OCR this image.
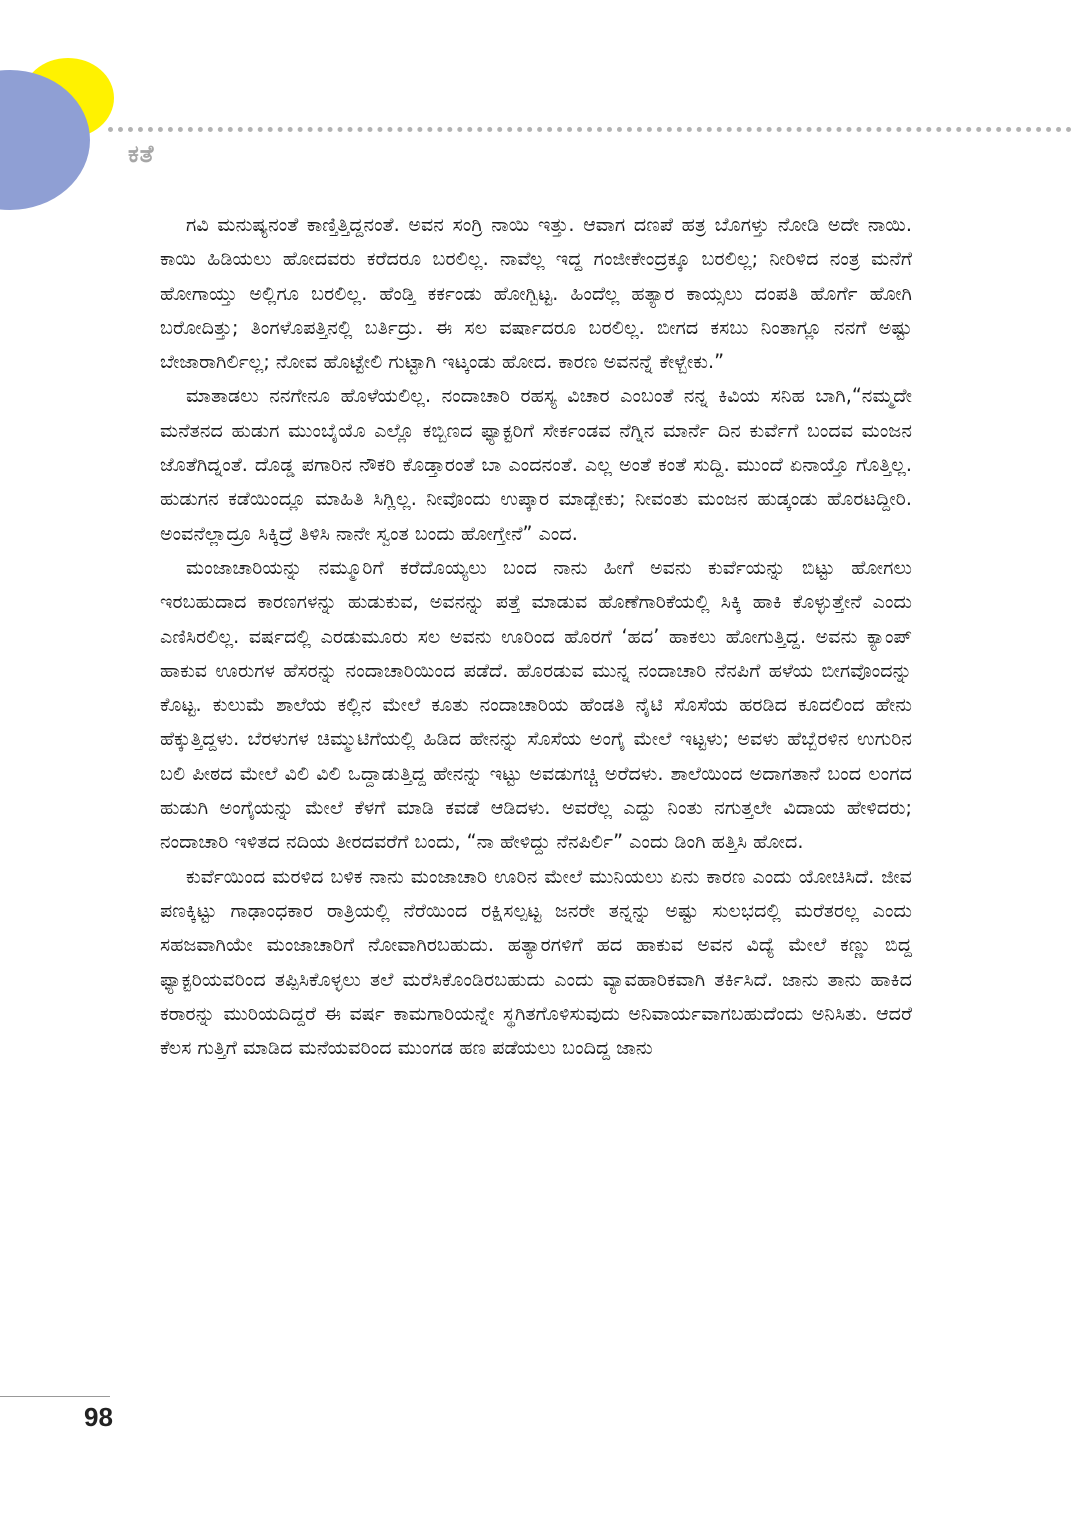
ಕತೆ

ಗವಿ ಮನುಷ್ಯನಂತೆ ಕಾಣ್ತಿತ್ತಿದ್ದನಂತೆ. ಅವನ ಸಂಗ್ರಿ ನಾಯಿ ಇತ್ತು. ಆವಾಗ ದಣಪೆ ಹತ್ರ ಬೊಗಳ್ತು ನೋಡಿ ಅದೇ ನಾಯಿ. ಕಾಯಿ ಹಿಡಿಯಲು ಹೋದವರು ಕರೆದರೂ ಬರಲಿಲ್ಲ. ನಾವೆಲ್ಲ ಇದ್ದ ಗಂಜೀಕೇಂದ್ರಕ್ಕೂ ಬರಲಿಲ್ಲ; ನೀರಿಳಿದ ನಂತ್ರ ಮನೆಗೆ ಹೋಗಾಯ್ತು ಅಲ್ಲಿಗೂ ಬರಲಿಲ್ಲ. ಹೆಂಡ್ತಿ ಕರ್ಕಂಡು ಹೋಗ್ಬಿಟ್ಟ. ಹಿಂದೆಲ್ಲ ಹತ್ಯಾರ ಕಾಯ್ಸಲು ದಂಪತಿ ಹೊರ್ಗೆ ಹೋಗಿ ಬರೋದಿತ್ತು; ತಿಂಗಳೊಪತ್ತಿನಲ್ಲಿ ಬರ್ತಿದ್ರು. ಈ ಸಲ ವರ್ಷಾದರೂ ಬರಲಿಲ್ಲ. ಬೀಗದ ಕಸಬು ನಿಂತಾಗ್ಲೂ ನನಗೆ ಅಷ್ಟು ಬೇಜಾರಾಗಿರ್ಲಿಲ್ಲ; ನೋವ ಹೊಟ್ಟೇಲಿ ಗುಟ್ಟಾಗಿ ಇಟ್ಕಂಡು ಹೋದ. ಕಾರಣ ಅವನನ್ನೆ ಕೇಳ್ಬೇಕು.”

ಮಾತಾಡಲು ನನಗೇನೂ ಹೊಳೆಯಲಿಲ್ಲ. ನಂದಾಚಾರಿ ರಹಸ್ಯ ವಿಚಾರ ಎಂಬಂತೆ ನನ್ನ ಕಿವಿಯ ಸನಿಹ ಬಾಗಿ,“ನಮ್ಮದೇ ಮನೆತನದ ಹುಡುಗ ಮುಂಬೈಯೊ ಎಲ್ಲೊ ಕಬ್ಬಿಣದ ಫ್ಯಾಕ್ಟರಿಗೆ ಸೇರ್ಕಂಡವ ನೆಗ್ನಿನ ಮಾರ್ನೆ ದಿನ ಕುರ್ವೆಗೆ ಬಂದವ ಮಂಜನ ಜೊತೆಗಿದ್ನಂತೆ. ದೊಡ್ಡ ಪಗಾರಿನ ನೌಕರಿ ಕೊಡ್ತಾರಂತೆ ಬಾ ಎಂದನಂತೆ. ಎಲ್ಲ ಅಂತೆ ಕಂತೆ ಸುದ್ದಿ. ಮುಂದೆ ಏನಾಯ್ತೊ ಗೊತ್ತಿಲ್ಲ. ಹುಡುಗನ ಕಡೆಯಿಂದ್ಲೂ ಮಾಹಿತಿ ಸಿಗ್ಲಿಲ್ಲ. ನೀವೊಂದು ಉಪ್ಕಾರ ಮಾಡ್ಬೇಕು; ನೀವಂತು ಮಂಜನ ಹುಡ್ಕಂಡು ಹೊರಟದ್ದೀರಿ. ಅಂವನೆಲ್ಲಾದ್ರೂ ಸಿಕ್ಕಿದ್ರೆ ತಿಳಿಸಿ ನಾನೇ ಸ್ವಂತ ಬಂದು ಹೋಗ್ತೇನೆ” ಎಂದ.

ಮಂಜಾಚಾರಿಯನ್ನು ನಮ್ಮೂರಿಗೆ ಕರೆದೊಯ್ಯಲು ಬಂದ ನಾನು ಹೀಗೆ ಅವನು ಕುರ್ವೆಯನ್ನು ಬಿಟ್ಟು ಹೋಗಲು ಇರಬಹುದಾದ ಕಾರಣಗಳನ್ನು ಹುಡುಕುವ, ಅವನನ್ನು ಪತ್ತೆ ಮಾಡುವ ಹೊಣೆಗಾರಿಕೆಯಲ್ಲಿ ಸಿಕ್ಕಿ ಹಾಕಿ ಕೊಳ್ಳುತ್ತೇನೆ ಎಂದು ಎಣಿಸಿರಲಿಲ್ಲ. ವರ್ಷದಲ್ಲಿ ಎರಡುಮೂರು ಸಲ ಅವನು ಊರಿಂದ ಹೊರಗೆ ‘ಹದ’ ಹಾಕಲು ಹೋಗುತ್ತಿದ್ದ. ಅವನು ಕ್ಯಾಂಪ್ ಹಾಕುವ ಊರುಗಳ ಹೆಸರನ್ನು ನಂದಾಚಾರಿಯಿಂದ ಪಡೆದೆ. ಹೊರಡುವ ಮುನ್ನ ನಂದಾಚಾರಿ ನೆನಪಿಗೆ ಹಳೆಯ ಬೀಗವೊಂದನ್ನು ಕೊಟ್ಟ. ಕುಲುಮೆ ಶಾಲೆಯ ಕಲ್ಲಿನ ಮೇಲೆ ಕೂತು ನಂದಾಚಾರಿಯ ಹೆಂಡತಿ ನೈಟಿ ಸೊಸೆಯ ಹರಡಿದ ಕೂದಲಿಂದ ಹೇನು ಹೆಕ್ಕುತ್ತಿದ್ದಳು. ಬೆರಳುಗಳ ಚಿಮ್ಮುಟಿಗೆಯಲ್ಲಿ ಹಿಡಿದ ಹೇನನ್ನು ಸೊಸೆಯ ಅಂಗೈ ಮೇಲೆ ಇಟ್ಟಳು; ಅವಳು ಹೆಬ್ಬೆರಳಿನ ಉಗುರಿನ ಬಲಿ ಪೀಠದ ಮೇಲೆ ವಿಲಿ ವಿಲಿ ಒದ್ದಾಡುತ್ತಿದ್ದ ಹೇನನ್ನು ಇಟ್ಟು ಅವಡುಗಚ್ಚಿ ಅರೆದಳು. ಶಾಲೆಯಿಂದ ಅದಾಗತಾನೆ ಬಂದ ಲಂಗದ ಹುಡುಗಿ ಅಂಗೈಯನ್ನು ಮೇಲೆ ಕೆಳಗೆ ಮಾಡಿ ಕವಡೆ ಆಡಿದಳು. ಅವರೆಲ್ಲ ಎದ್ದು ನಿಂತು ನಗುತ್ತಲೇ ವಿದಾಯ ಹೇಳಿದರು; ನಂದಾಚಾರಿ ಇಳಿತದ ನದಿಯ ತೀರದವರೆಗೆ ಬಂದು, “ನಾ ಹೇಳಿದ್ದು ನೆನಪಿರ್ಲಿ” ಎಂದು ಡಿಂಗಿ ಹತ್ತಿಸಿ ಹೋದ.

ಕುರ್ವೆಯಿಂದ ಮರಳಿದ ಬಳಿಕ ನಾನು ಮಂಜಾಚಾರಿ ಊರಿನ ಮೇಲೆ ಮುನಿಯಲು ಏನು ಕಾರಣ ಎಂದು ಯೋಚಿಸಿದೆ. ಜೀವ ಪಣಕ್ಕಿಟ್ಟು ಗಾಢಾಂಧಕಾರ ರಾತ್ರಿಯಲ್ಲಿ ನೆರೆಯಿಂದ ರಕ್ಷಿಸಲ್ಪಟ್ಟ ಜನರೇ ತನ್ನನ್ನು ಅಷ್ಟು ಸುಲಭದಲ್ಲಿ ಮರೆತರಲ್ಲ ಎಂದು ಸಹಜವಾಗಿಯೇ ಮಂಜಾಚಾರಿಗೆ ನೋವಾಗಿರಬಹುದು. ಹತ್ಯಾರಗಳಿಗೆ ಹದ ಹಾಕುವ ಅವನ ವಿದ್ಯೆ ಮೇಲೆ ಕಣ್ಣು ಬಿದ್ದ ಫ್ಯಾಕ್ಟರಿಯವರಿಂದ ತಪ್ಪಿಸಿಕೊಳ್ಳಲು ತಲೆ ಮರೆಸಿಕೊಂಡಿರಬಹುದು ಎಂದು ವ್ಯಾವಹಾರಿಕವಾಗಿ ತರ್ಕಿಸಿದೆ. ಜಾನು ತಾನು ಹಾಕಿದ ಕರಾರನ್ನು ಮುರಿಯದಿದ್ದರೆ ಈ ವರ್ಷ ಕಾಮಗಾರಿಯನ್ನೇ ಸ್ಥಗಿತಗೊಳಿಸುವುದು ಅನಿವಾರ್ಯವಾಗಬಹುದೆಂದು ಅನಿಸಿತು. ಆದರೆ ಕೆಲಸ ಗುತ್ತಿಗೆ ಮಾಡಿದ ಮನೆಯವರಿಂದ ಮುಂಗಡ ಹಣ ಪಡೆಯಲು ಬಂದಿದ್ದ ಜಾನು

98
